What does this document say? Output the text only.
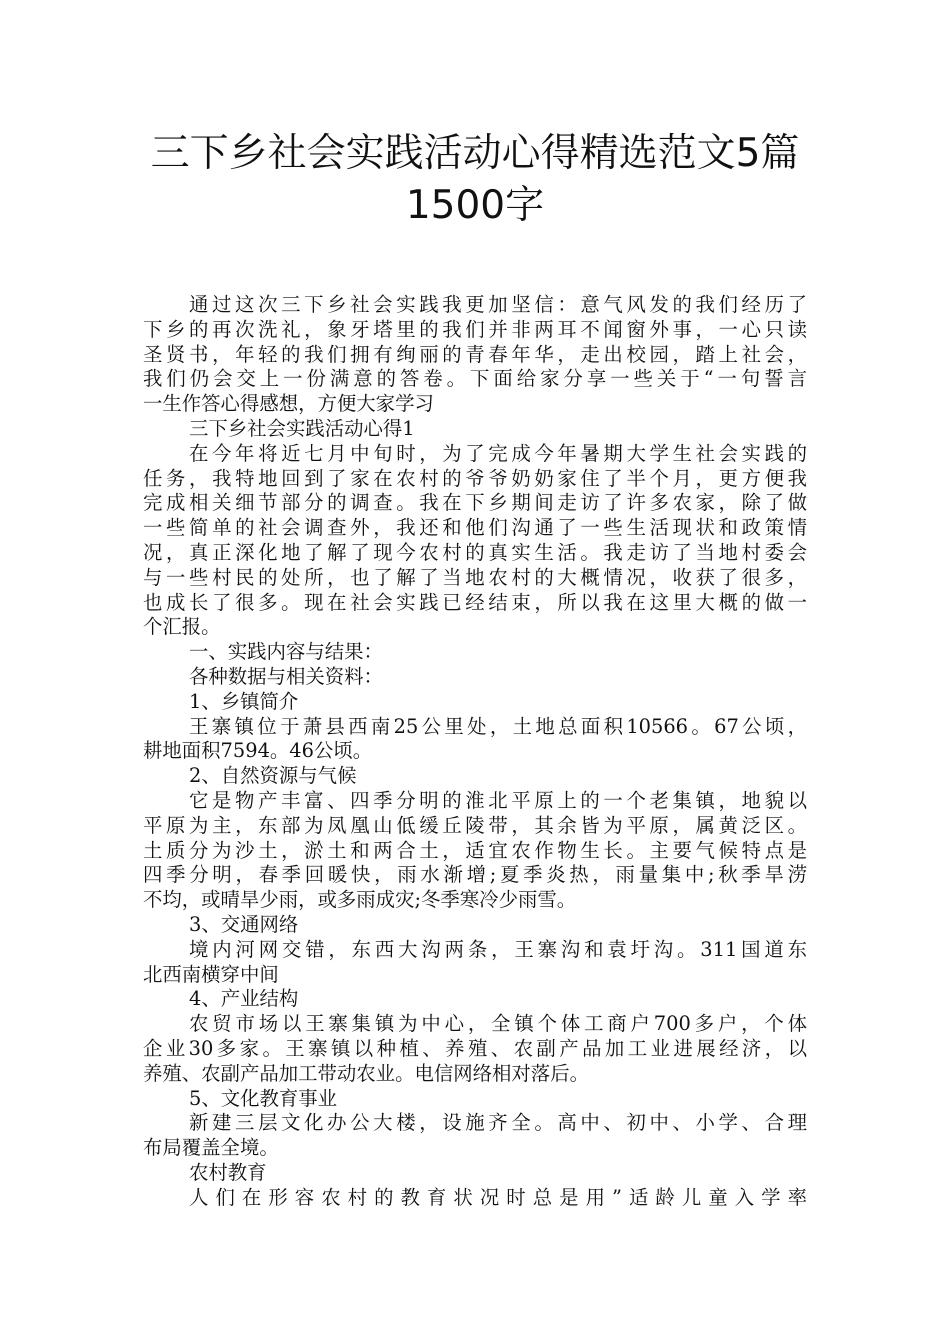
三下乡社会实践活动心得精选范文5篇
1500字

通过这次三下乡社会实践我更加坚信：意气风发的我们经历了

下乡的再次洗礼，象牙塔里的我们并非两耳不闻窗外事，一心只读

圣贤书，年轻的我们拥有绚丽的青春年华，走出校园，踏上社会，

我们仍会交上一份满意的答卷。下面给家分享一些关于“一句誓言

一生作答心得感想，方便大家学习

三下乡社会实践活动心得1

在今年将近七月中旬时，为了完成今年暑期大学生社会实践的

任务，我特地回到了家在农村的爷爷奶奶家住了半个月，更方便我

完成相关细节部分的调查。我在下乡期间走访了许多农家，除了做

一些简单的社会调查外，我还和他们沟通了一些生活现状和政策情

况，真正深化地了解了现今农村的真实生活。我走访了当地村委会

与一些村民的处所，也了解了当地农村的大概情况，收获了很多，

也成长了很多。现在社会实践已经结束，所以我在这里大概的做一

个汇报。

一、实践内容与结果：

各种数据与相关资料：

1、乡镇简介

王寨镇位于萧县西南25公里处，土地总面积10566。67公顷，

耕地面积7594。46公顷。

2、自然资源与气候

它是物产丰富、四季分明的淮北平原上的一个老集镇，地貌以

平原为主，东部为凤凰山低缓丘陵带，其余皆为平原，属黄泛区。

土质分为沙土，淤土和两合土，适宜农作物生长。主要气候特点是

四季分明，春季回暖快，雨水渐增;夏季炎热，雨量集中;秋季旱涝

不均，或晴旱少雨，或多雨成灾;冬季寒冷少雨雪。

3、交通网络

境内河网交错，东西大沟两条，王寨沟和袁圩沟。311国道东

北西南横穿中间

4、产业结构

农贸市场以王寨集镇为中心，全镇个体工商户700多户，个体

企业30多家。王寨镇以种植、养殖、农副产品加工业进展经济，以

养殖、农副产品加工带动农业。电信网络相对落后。

5、文化教育事业

新建三层文化办公大楼，设施齐全。高中、初中、小学、合理

布局覆盖全境。

农村教育

人们在形容农村的教育状况时总是用”适龄儿童入学率
